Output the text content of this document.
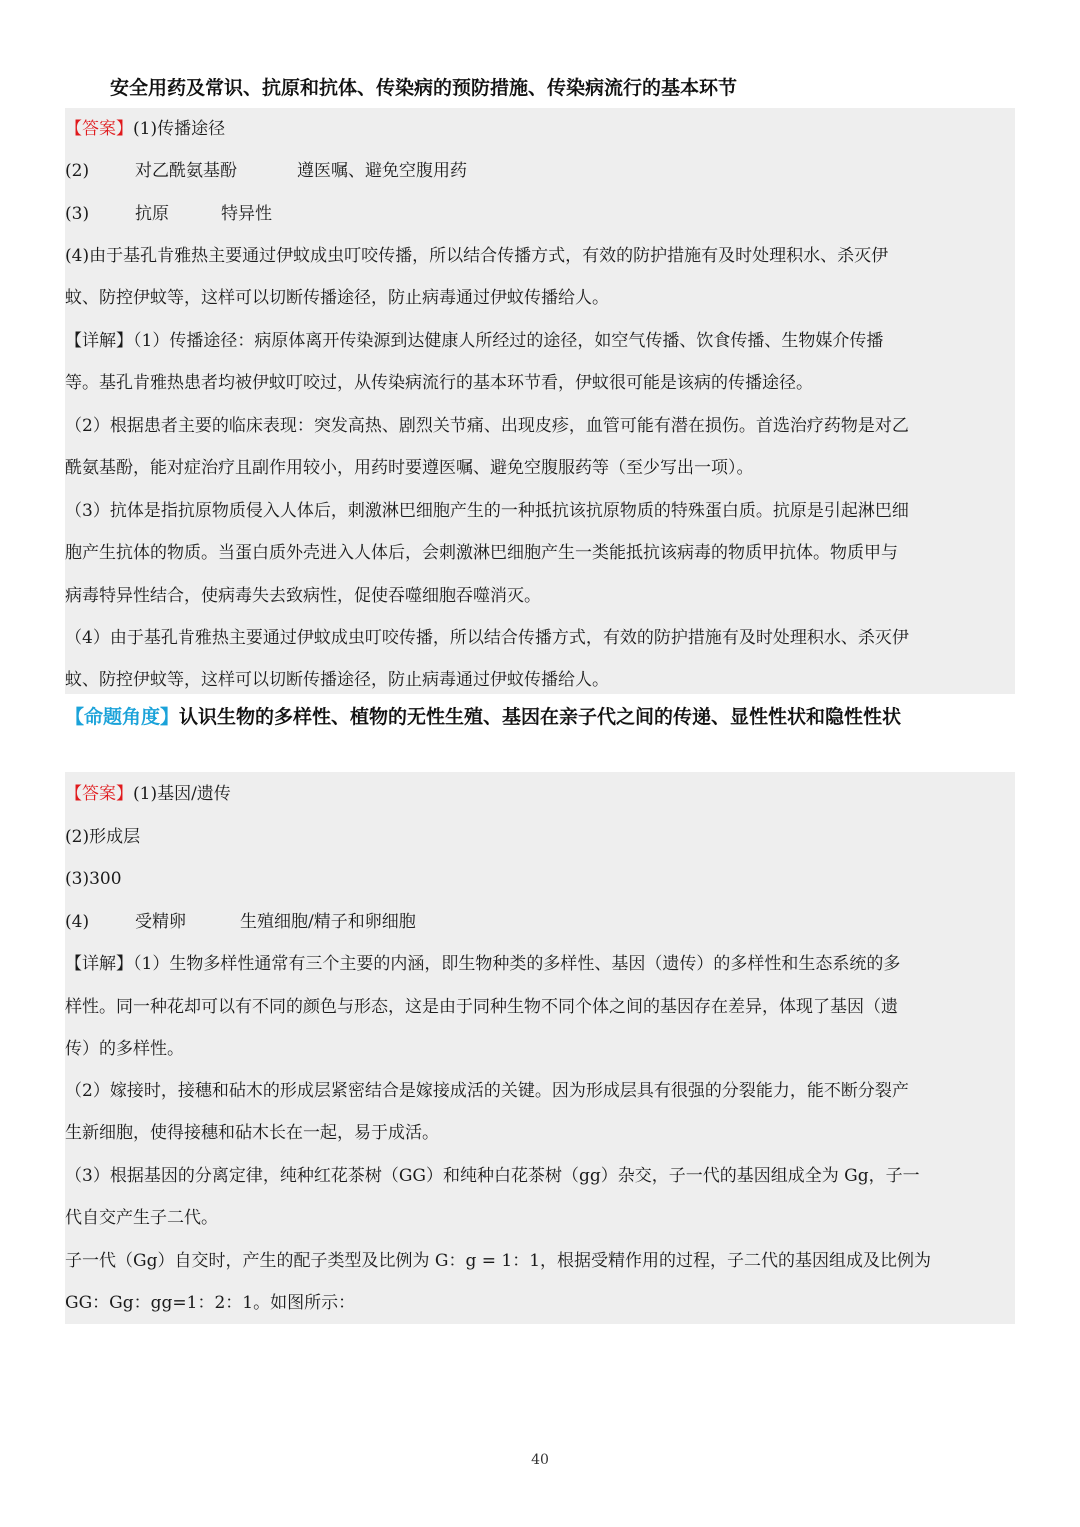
安全用药及常识、抗原和抗体、传染病的预防措施、传染病流行的基本环节
【答案】(1)传播途径
(2)	对乙酰氨基酚	遵医嘱、避免空腹用药
(3)	抗原	特异性
(4)由于基孔肯雅热主要通过伊蚊成虫叮咬传播，所以结合传播方式，有效的防护措施有及时处理积水、杀灭伊
蚊、防控伊蚊等，这样可以切断传播途径，防止病毒通过伊蚊传播给人。
【详解】（1）传播途径：病原体离开传染源到达健康人所经过的途径，如空气传播、饮食传播、生物媒介传播
等。基孔肯雅热患者均被伊蚊叮咬过，从传染病流行的基本环节看，伊蚊很可能是该病的传播途径。
（2）根据患者主要的临床表现：突发高热、剧烈关节痛、出现皮疹，血管可能有潜在损伤。首选治疗药物是对乙
酰氨基酚，能对症治疗且副作用较小，用药时要遵医嘱、避免空腹服药等（至少写出一项）。
（3）抗体是指抗原物质侵入人体后，刺激淋巴细胞产生的一种抵抗该抗原物质的特殊蛋白质。抗原是引起淋巴细
胞产生抗体的物质。当蛋白质外壳进入人体后，会刺激淋巴细胞产生一类能抵抗该病毒的物质甲抗体。物质甲与
病毒特异性结合，使病毒失去致病性，促使吞噬细胞吞噬消灭。
（4）由于基孔肯雅热主要通过伊蚊成虫叮咬传播，所以结合传播方式，有效的防护措施有及时处理积水、杀灭伊
蚊、防控伊蚊等，这样可以切断传播途径，防止病毒通过伊蚊传播给人。
【命题角度】认识生物的多样性、植物的无性生殖、基因在亲子代之间的传递、显性性状和隐性性状
【答案】(1)基因/遗传
(2)形成层
(3)300
(4)	受精卵	生殖细胞/精子和卵细胞
【详解】（1）生物多样性通常有三个主要的内涵，即生物种类的多样性、基因（遗传）的多样性和生态系统的多
样性。同一种花却可以有不同的颜色与形态，这是由于同种生物不同个体之间的基因存在差异，体现了基因（遗
传）的多样性。
（2）嫁接时，接穗和砧木的形成层紧密结合是嫁接成活的关键。因为形成层具有很强的分裂能力，能不断分裂产
生新细胞，使得接穗和砧木长在一起，易于成活。
（3）根据基因的分离定律，纯种红花茶树（GG）和纯种白花茶树（gg）杂交，子一代的基因组成全为 Gg，子一
代自交产生子二代。
子一代（Gg）自交时，产生的配子类型及比例为 G：g = 1：1，根据受精作用的过程，子二代的基因组成及比例为
GG：Gg：gg=1：2：1。如图所示：
40
